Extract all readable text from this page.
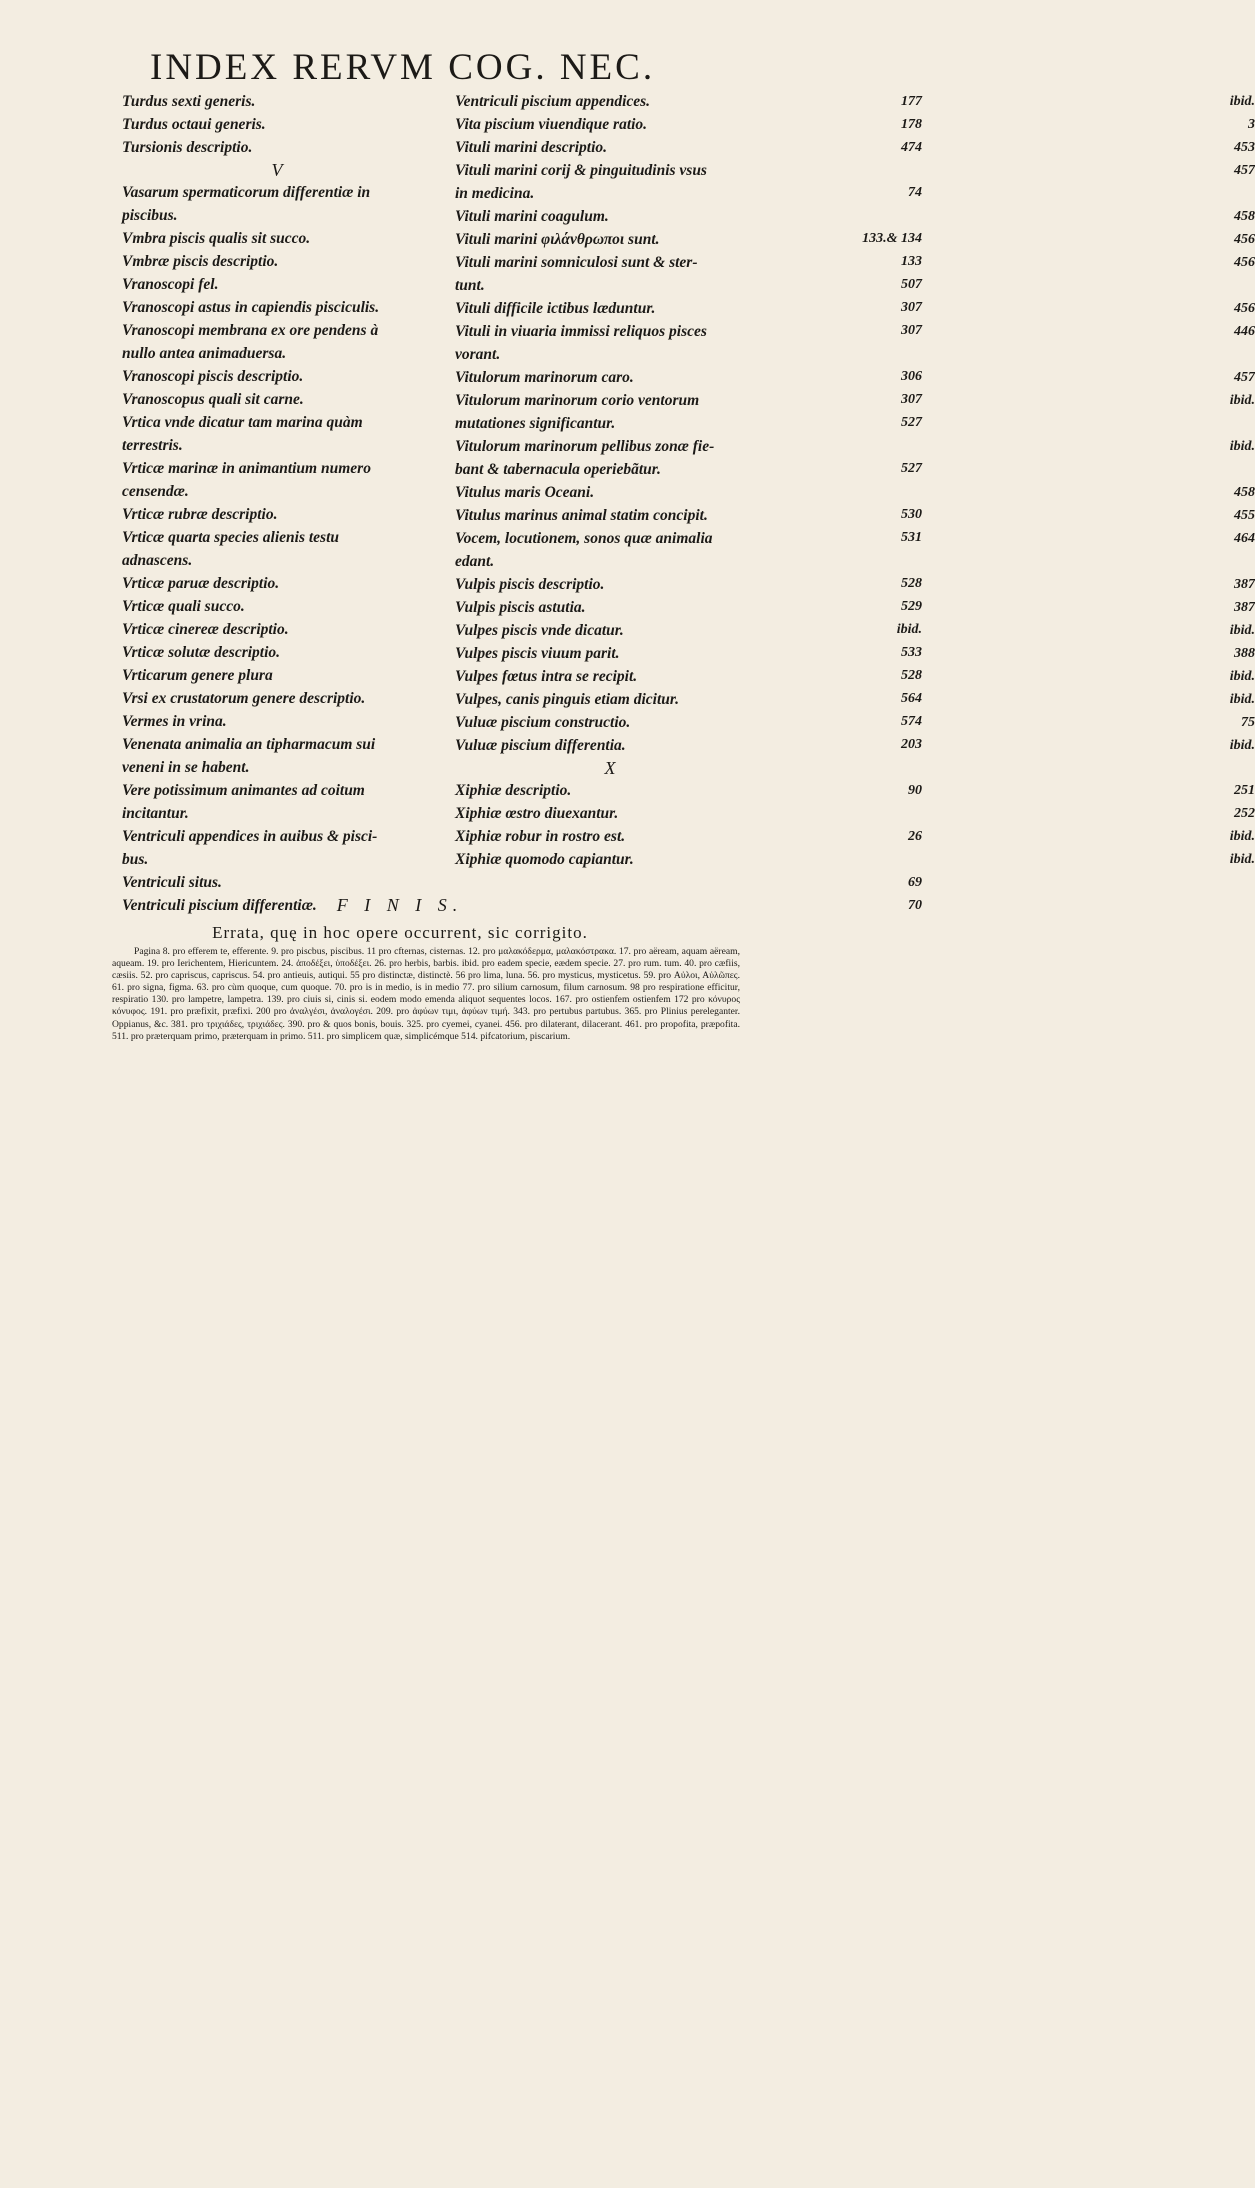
INDEX RERVM COG. NEC.
Turdus sexti generis.	177
Turdus octaui generis.	178
Tursionis descriptio.	474
V
Vasarum spermaticorum differentiæ in piscibus.
74
Vmbra piscis qualis sit succo.	133.& 134
Vmbræ piscis descriptio.	133
Vranoscopi fel.	507
Vranoscopi astus in capiendis pisciculis.	307
Vranoscopi membrana ex ore pendens à nullo antea animaduersa.
307
Vranoscopi piscis descriptio.	306
Vranoscopus quali sit carne.	307
Vrtica vnde dicatur tam marina quàm terrestris.
527
Vrticæ marinæ in animantium numero censendæ.
527
Vrticæ rubræ descriptio.	530
Vrticæ quarta species alienis testu adnascens.
531
Vrticæ paruæ descriptio.	528
Vrticæ quali succo.	529
Vrticæ cinereæ descriptio.	ibid.
Vrticæ solutæ descriptio.	533
Vrticarum genere plura	528
Vrsi ex crustatorum genere descriptio.	564
Vermes in vrina.	574
Venenata animalia an tipharmacum sui veneni in se habent.
203
Vere potissimum animantes ad coitum incitantur.
90
Ventriculi appendices in auibus & pisci-bus.
26
Ventriculi situs.	69
Ventriculi piscium differentiæ.	70
Ventriculi piscium appendices.	ibid.
Vita piscium viuendique ratio.	3
Vituli marini descriptio.	453
Vituli marini corij & pinguitudinis vsus in medicina.
457
Vituli marini coagulum.	458
Vituli marini φιλάνθρωποι sunt.	456
Vituli marini somniculosi sunt & ster-tunt.
456
Vituli difficile ictibus læduntur.	456
Vituli in viuaria immissi reliquos pisces vorant.
446
Vitulorum marinorum caro.	457
Vitulorum marinorum corio ventorum mutationes significantur.
ibid.
Vitulorum marinorum pellibus zonæ fie-bant & tabernacula operiebãtur.
ibid.
Vitulus maris Oceani.	458
Vitulus marinus animal statim concipit.	455
Vocem, locutionem, sonos quæ animalia edant.
464
Vulpis piscis descriptio.	387
Vulpis piscis astutia.	387
Vulpes piscis vnde dicatur.	ibid.
Vulpes piscis viuum parit.	388
Vulpes fœtus intra se recipit.	ibid.
Vulpes, canis pinguis etiam dicitur.	ibid.
Vuluæ piscium constructio.	75
Vuluæ piscium differentia.	ibid.
X
Xiphiæ descriptio.	251
Xiphiæ œstro diuexantur.	252
Xiphiæ robur in rostro est.	ibid.
Xiphiæ quomodo capiantur.	ibid.
F I N I S.
Errata, quę in hoc opere occurrent, sic corrigito.
Pagina 8. pro efferem te, efferente. 9. pro piscbus, piscibus. 11 pro cfternas, cisternas. 12. pro μαλακόδερμα, μαλακόστρακα. 17. pro aëream, aquam aëream, aqueam. 19. pro Ierichentem, Hiericuntem. 24. ἀποδέξει, ὑποδέξει. 26. pro herbis, barbis. ibid. pro eadem specie, eædem specie. 27. pro rum. tum. 40. pro cæfiis, cæsiis. 52. pro capriscus, capriscus. 54. pro antieuis, autiqui. 55 pro distinctæ, distinctè. 56 pro lima, luna. 56. pro mysticus, mysticetus. 59. pro Αὐλοι, Αὐλῶπες. 61. pro signa, figma. 63. pro cùm quoque, cum quoque. 70. pro is in medio, is in medio 77. pro silium carnosum, filum carnosum. 98 pro respiratione efficitur, respiratio 130. pro lampetre, lampetra. 139. pro ciuis si, cinis si. eodem modo emenda aliquot sequentes locos. 167. pro ostienfem ostienfem 172 pro κόνυρος κόνυφος. 191. pro præfixit, præfixi. 200 pro ἀναλγέσι, ἀναλογέσι. 209. pro ἀφύων τιμι, ἀφύων τιμή. 343. pro pertubus partubus. 365. pro Plinius pereleganter. Oppianus, &c. 381. pro τριχιάδες, τριχιάδες. 390. pro & quos bonis, bouis. 325. pro cyemei, cyanei. 456. pro dilaterant, dilacerant. 461. pro propofita, præpofita. 511. pro præterquam primo, præterquam in primo. 511. pro simplicem quæ, simplicémque 514. pifcatorium, piscarium.
